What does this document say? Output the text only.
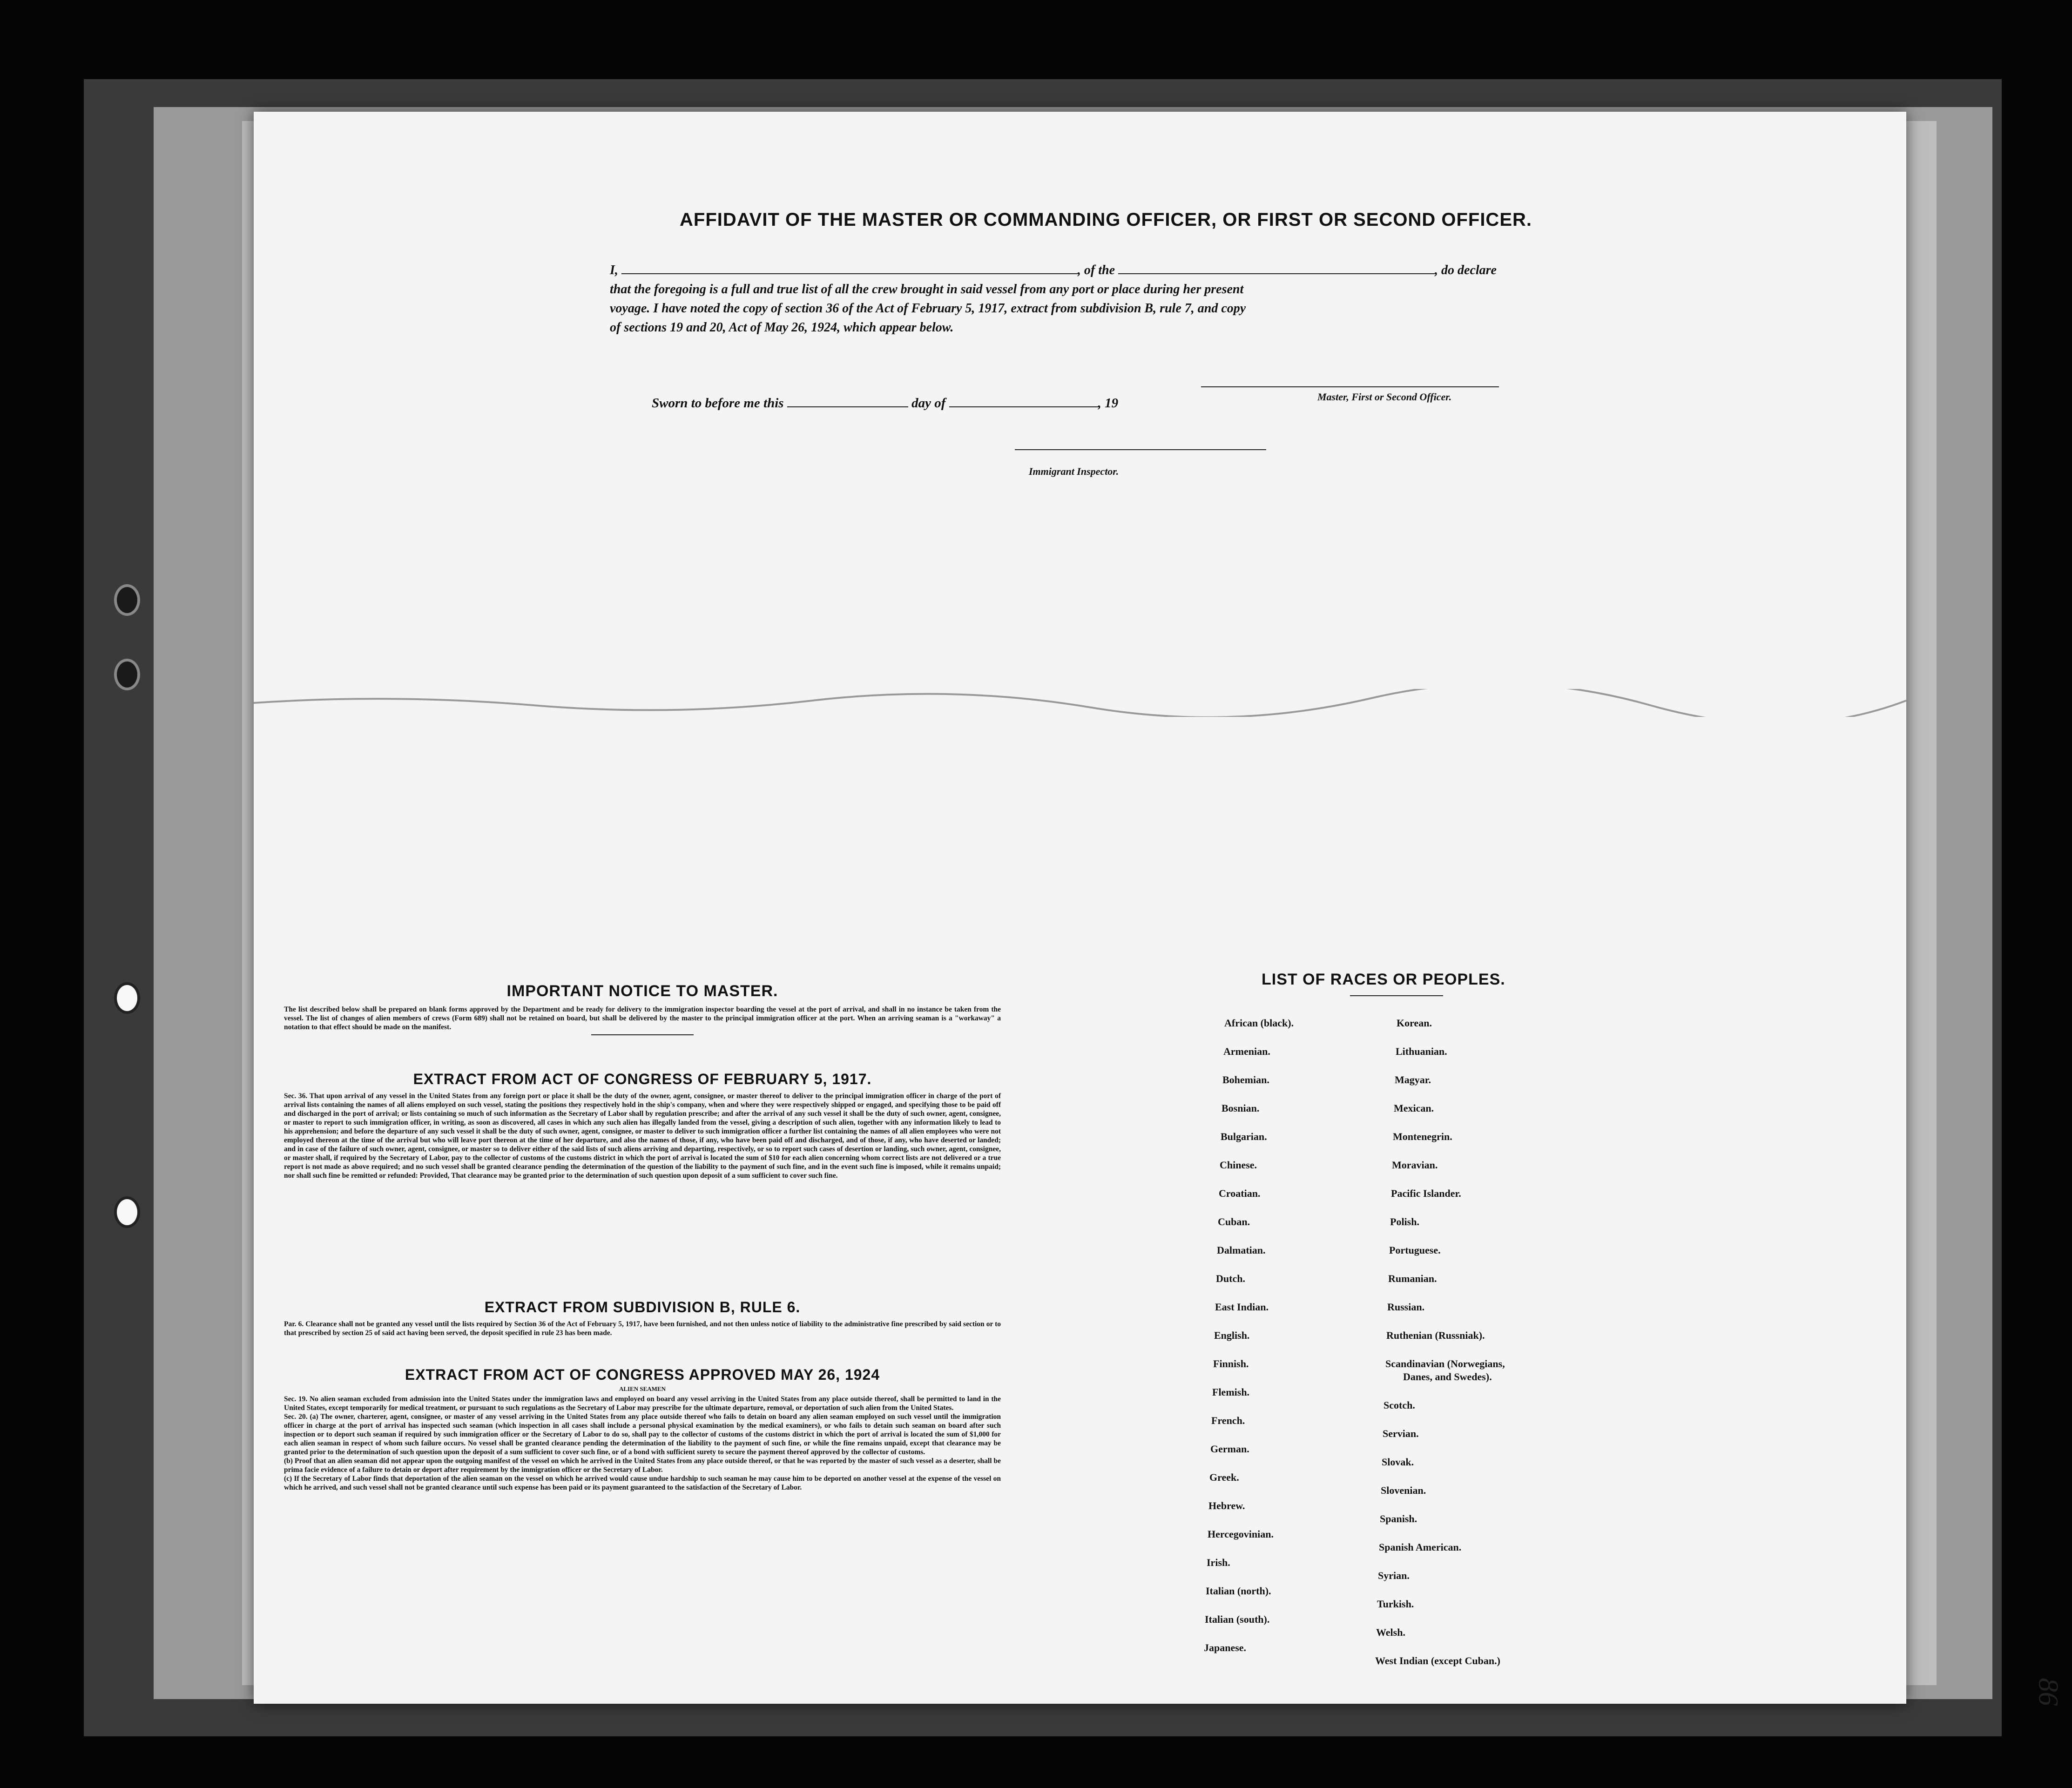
86
AFFIDAVIT OF THE MASTER OR COMMANDING OFFICER, OR FIRST OR SECOND OFFICER.
I,	, of the	, do declare
that the foregoing is a full and true list of all the crew brought in said vessel from any port or place during her present
voyage. I have noted the copy of section 36 of the Act of February 5, 1917, extract from subdivision B, rule 7, and copy
of sections 19 and 20, Act of May 26, 1924, which appear below.
Master, First or Second Officer.
Sworn to before me this	day of	, 19
Immigrant Inspector.
IMPORTANT NOTICE TO MASTER.
The list described below shall be prepared on blank forms approved by the Department and be ready for delivery to the immigration inspector boarding the vessel at the port of arrival, and shall in no instance be taken from the vessel. The list of changes of alien members of crews (Form 689) shall not be retained on board, but shall be delivered by the master to the principal immigration officer at the port. When an arriving seaman is a "workaway" a notation to that effect should be made on the manifest.
EXTRACT FROM ACT OF CONGRESS OF FEBRUARY 5, 1917.
Sec. 36. That upon arrival of any vessel in the United States from any foreign port or place it shall be the duty of the owner, agent, consignee, or master thereof to deliver to the principal immigration officer in charge of the port of arrival lists containing the names of all aliens employed on such vessel, stating the positions they respectively hold in the ship's company, when and where they were respectively shipped or engaged, and specifying those to be paid off and discharged in the port of arrival; or lists containing so much of such information as the Secretary of Labor shall by regulation prescribe; and after the arrival of any such vessel it shall be the duty of such owner, agent, consignee, or master to report to such immigration officer, in writing, as soon as discovered, all cases in which any such alien has illegally landed from the vessel, giving a description of such alien, together with any information likely to lead to his apprehension; and before the departure of any such vessel it shall be the duty of such owner, agent, consignee, or master to deliver to such immigration officer a further list containing the names of all alien employees who were not employed thereon at the time of the arrival but who will leave port thereon at the time of her departure, and also the names of those, if any, who have been paid off and discharged, and of those, if any, who have deserted or landed; and in case of the failure of such owner, agent, consignee, or master so to deliver either of the said lists of such aliens arriving and departing, respectively, or so to report such cases of desertion or landing, such owner, agent, consignee, or master shall, if required by the Secretary of Labor, pay to the collector of customs of the customs district in which the port of arrival is located the sum of $10 for each alien concerning whom correct lists are not delivered or a true report is not made as above required; and no such vessel shall be granted clearance pending the determination of the question of the liability to the payment of such fine, and in the event such fine is imposed, while it remains unpaid; nor shall such fine be remitted or refunded: Provided, That clearance may be granted prior to the determination of such question upon deposit of a sum sufficient to cover such fine.
EXTRACT FROM SUBDIVISION B, RULE 6.
Par. 6. Clearance shall not be granted any vessel until the lists required by Section 36 of the Act of February 5, 1917, have been furnished, and not then unless notice of liability to the administrative fine prescribed by said section or to that prescribed by section 25 of said act having been served, the deposit specified in rule 23 has been made.
EXTRACT FROM ACT OF CONGRESS APPROVED MAY 26, 1924
ALIEN SEAMEN
Sec. 19. No alien seaman excluded from admission into the United States under the immigration laws and employed on board any vessel arriving in the United States from any place outside thereof, shall be permitted to land in the United States, except temporarily for medical treatment, or pursuant to such regulations as the Secretary of Labor may prescribe for the ultimate departure, removal, or deportation of such alien from the United States.
Sec. 20. (a) The owner, charterer, agent, consignee, or master of any vessel arriving in the United States from any place outside thereof who fails to detain on board any alien seaman employed on such vessel until the immigration officer in charge at the port of arrival has inspected such seaman (which inspection in all cases shall include a personal physical examination by the medical examiners), or who fails to detain such seaman on board after such inspection or to deport such seaman if required by such immigration officer or the Secretary of Labor to do so, shall pay to the collector of customs of the customs district in which the port of arrival is located the sum of $1,000 for each alien seaman in respect of whom such failure occurs. No vessel shall be granted clearance pending the determination of the liability to the payment of such fine, or while the fine remains unpaid, except that clearance may be granted prior to the determination of such question upon the deposit of a sum sufficient to cover such fine, or of a bond with sufficient surety to secure the payment thereof approved by the collector of customs.
(b) Proof that an alien seaman did not appear upon the outgoing manifest of the vessel on which he arrived in the United States from any place outside thereof, or that he was reported by the master of such vessel as a deserter, shall be prima facie evidence of a failure to detain or deport after requirement by the immigration officer or the Secretary of Labor.
(c) If the Secretary of Labor finds that deportation of the alien seaman on the vessel on which he arrived would cause undue hardship to such seaman he may cause him to be deported on another vessel at the expense of the vessel on which he arrived, and such vessel shall not be granted clearance until such expense has been paid or its payment guaranteed to the satisfaction of the Secretary of Labor.
LIST OF RACES OR PEOPLES.
African (black).
Armenian.
Bohemian.
Bosnian.
Bulgarian.
Chinese.
Croatian.
Cuban.
Dalmatian.
Dutch.
East Indian.
English.
Finnish.
Flemish.
French.
German.
Greek.
Hebrew.
Hercegovinian.
Irish.
Italian (north).
Italian (south).
Japanese.
Korean.
Lithuanian.
Magyar.
Mexican.
Montenegrin.
Moravian.
Pacific Islander.
Polish.
Portuguese.
Rumanian.
Russian.
Ruthenian (Russniak).
Scandinavian (Norwegians,
Danes, and Swedes).
Scotch.
Servian.
Slovak.
Slovenian.
Spanish.
Spanish American.
Syrian.
Turkish.
Welsh.
West Indian (except Cuban.)
